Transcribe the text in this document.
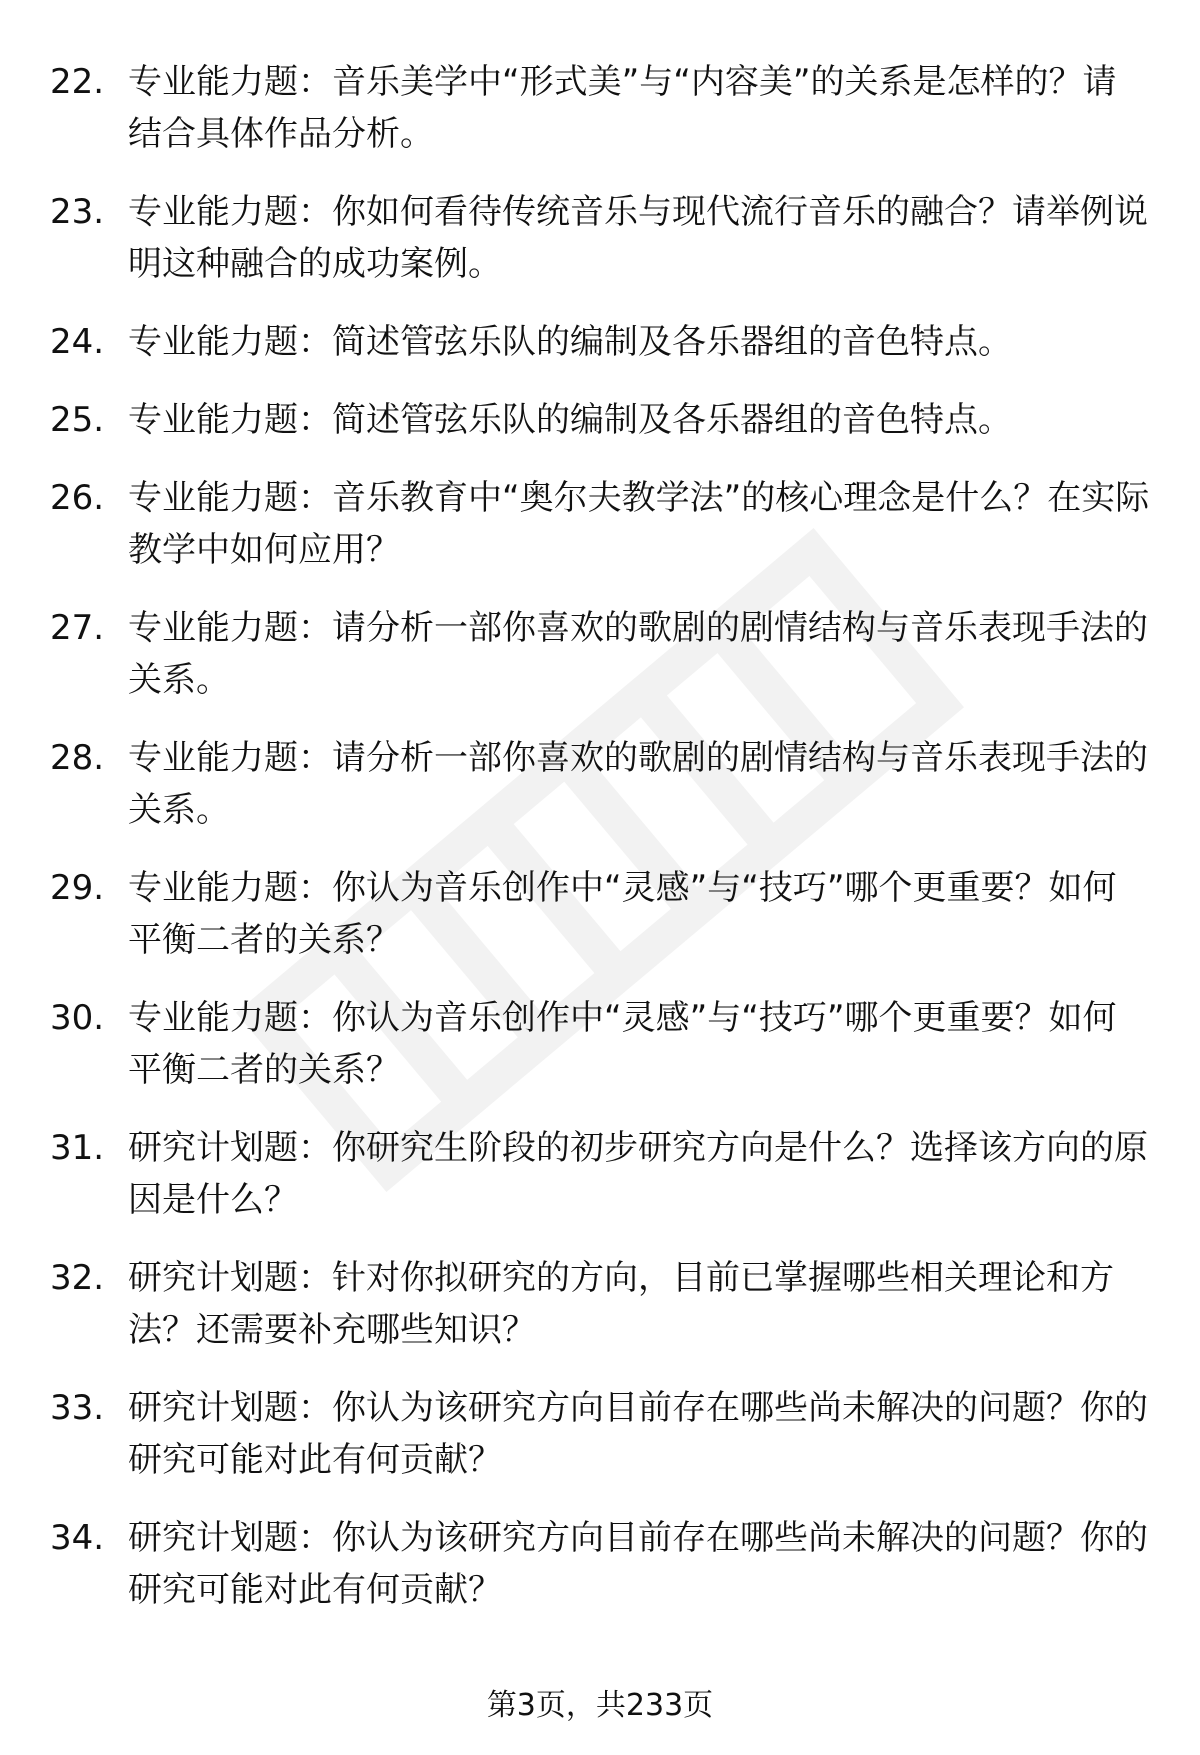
22. 专业能力题：音乐美学中“形式美”与“内容美”的关系是怎样的？请结合具体作品分析。
23. 专业能力题：你如何看待传统音乐与现代流行音乐的融合？请举例说明这种融合的成功案例。
24. 专业能力题：简述管弦乐队的编制及各乐器组的音色特点。
25. 专业能力题：简述管弦乐队的编制及各乐器组的音色特点。
26. 专业能力题：音乐教育中“奥尔夫教学法”的核心理念是什么？在实际教学中如何应用？
27. 专业能力题：请分析一部你喜欢的歌剧的剧情结构与音乐表现手法的关系。
28. 专业能力题：请分析一部你喜欢的歌剧的剧情结构与音乐表现手法的关系。
29. 专业能力题：你认为音乐创作中“灵感”与“技巧”哪个更重要？如何平衡二者的关系？
30. 专业能力题：你认为音乐创作中“灵感”与“技巧”哪个更重要？如何平衡二者的关系？
31. 研究计划题：你研究生阶段的初步研究方向是什么？选择该方向的原因是什么？
32. 研究计划题：针对你拟研究的方向，目前已掌握哪些相关理论和方法？还需要补充哪些知识？
33. 研究计划题：你认为该研究方向目前存在哪些尚未解决的问题？你的研究可能对此有何贡献？
34. 研究计划题：你认为该研究方向目前存在哪些尚未解决的问题？你的研究可能对此有何贡献？
第3页，共233页
